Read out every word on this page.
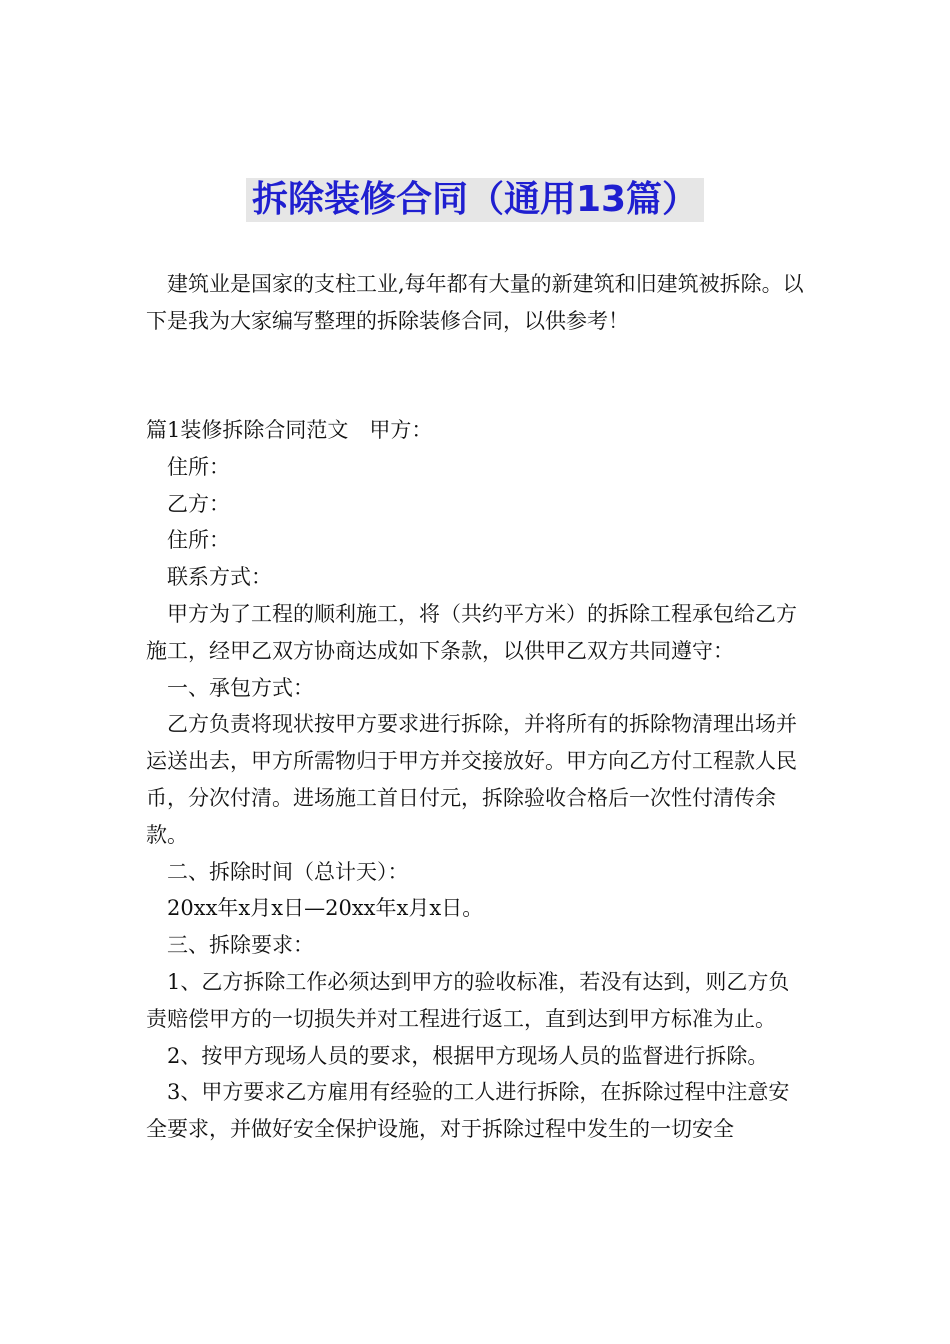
拆除装修合同（通用13篇）

建筑业是国家的支柱工业,每年都有大量的新建筑和旧建筑被拆除。以下是我为大家编写整理的拆除装修合同，以供参考！

篇1装修拆除合同范文　甲方：

住所：

乙方：

住所：

联系方式：

甲方为了工程的顺利施工，将（共约平方米）的拆除工程承包给乙方施工，经甲乙双方协商达成如下条款，以供甲乙双方共同遵守：

一、承包方式：

乙方负责将现状按甲方要求进行拆除，并将所有的拆除物清理出场并运送出去，甲方所需物归于甲方并交接放好。甲方向乙方付工程款人民币，分次付清。进场施工首日付元，拆除验收合格后一次性付清传余款。

二、拆除时间（总计天）：

20xx年x月x日—20xx年x月x日。

三、拆除要求：

1、乙方拆除工作必须达到甲方的验收标准，若没有达到，则乙方负责赔偿甲方的一切损失并对工程进行返工，直到达到甲方标准为止。

2、按甲方现场人员的要求，根据甲方现场人员的监督进行拆除。

3、甲方要求乙方雇用有经验的工人进行拆除，在拆除过程中注意安全要求，并做好安全保护设施，对于拆除过程中发生的一切安全
